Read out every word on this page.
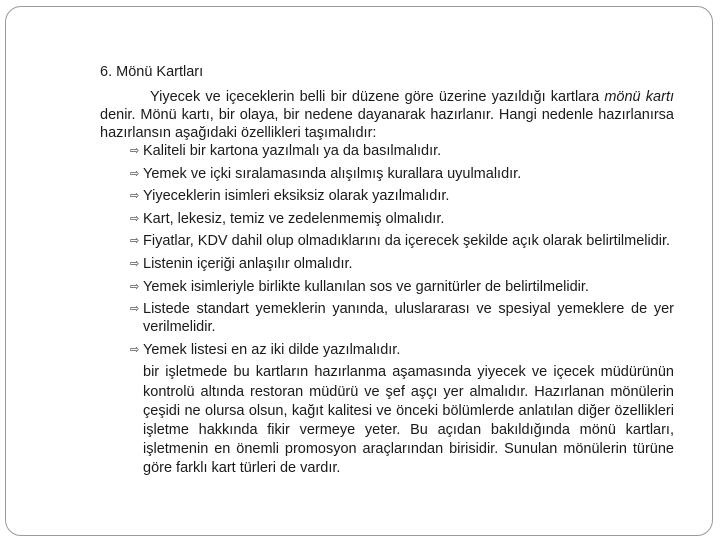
6. Mönü Kartları

Yiyecek ve içeceklerin belli bir düzene göre üzerine yazıldığı kartlara mönü kartı denir. Mönü kartı, bir olaya, bir nedene dayanarak hazırlanır. Hangi nedenle hazırlanırsa hazırlansın aşağıdaki özellikleri taşımalıdır:

⇨ Kaliteli bir kartona yazılmalı ya da basılmalıdır.
⇨ Yemek ve içki sıralamasında alışılmış kurallara uyulmalıdır.
⇨ Yiyeceklerin isimleri eksiksiz olarak yazılmalıdır.
⇨ Kart, lekesiz, temiz ve zedelenmemiş olmalıdır.
⇨ Fiyatlar, KDV dahil olup olmadıklarını da içerecek şekilde açık olarak belirtilmelidir.
⇨ Listenin içeriği anlaşılır olmalıdır.
⇨ Yemek isimleriyle birlikte kullanılan sos ve garnitürler de belirtilmelidir.
⇨ Listede standart yemeklerin yanında, uluslararası ve spesiyal yemeklere de yer verilmelidir.
⇨ Yemek listesi en az iki dilde yazılmalıdır.

bir işletmede bu kartların hazırlanma aşamasında yiyecek ve içecek müdürünün kontrolü altında restoran müdürü ve şef aşçı yer almalıdır. Hazırlanan mönülerin çeşidi ne olursa olsun, kağıt kalitesi ve önceki bölümlerde anlatılan diğer özellikleri işletme hakkında fikir vermeye yeter. Bu açıdan bakıldığında mönü kartları, işletmenin en önemli promosyon araçlarından birisidir. Sunulan mönülerin türüne göre farklı kart türleri de vardır.
